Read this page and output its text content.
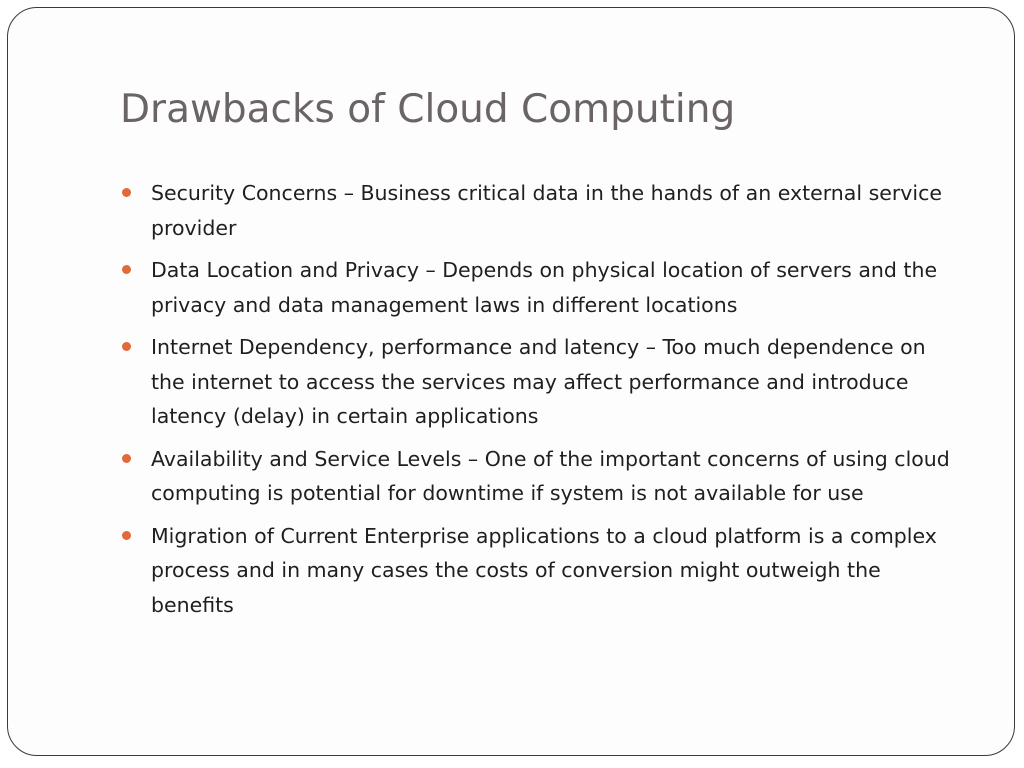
Drawbacks of Cloud Computing
Security Concerns – Business critical data in the hands of an external service provider
Data Location and Privacy – Depends on physical location of servers and the privacy and data management laws in different locations
Internet Dependency, performance and latency – Too much dependence on the internet to access the services may affect performance and introduce latency (delay) in certain applications
Availability and Service Levels – One of the important concerns of using cloud computing is potential for downtime if system is not available for use
Migration of Current Enterprise applications to a cloud platform is a complex process and in many cases the costs of conversion might outweigh the benefits
